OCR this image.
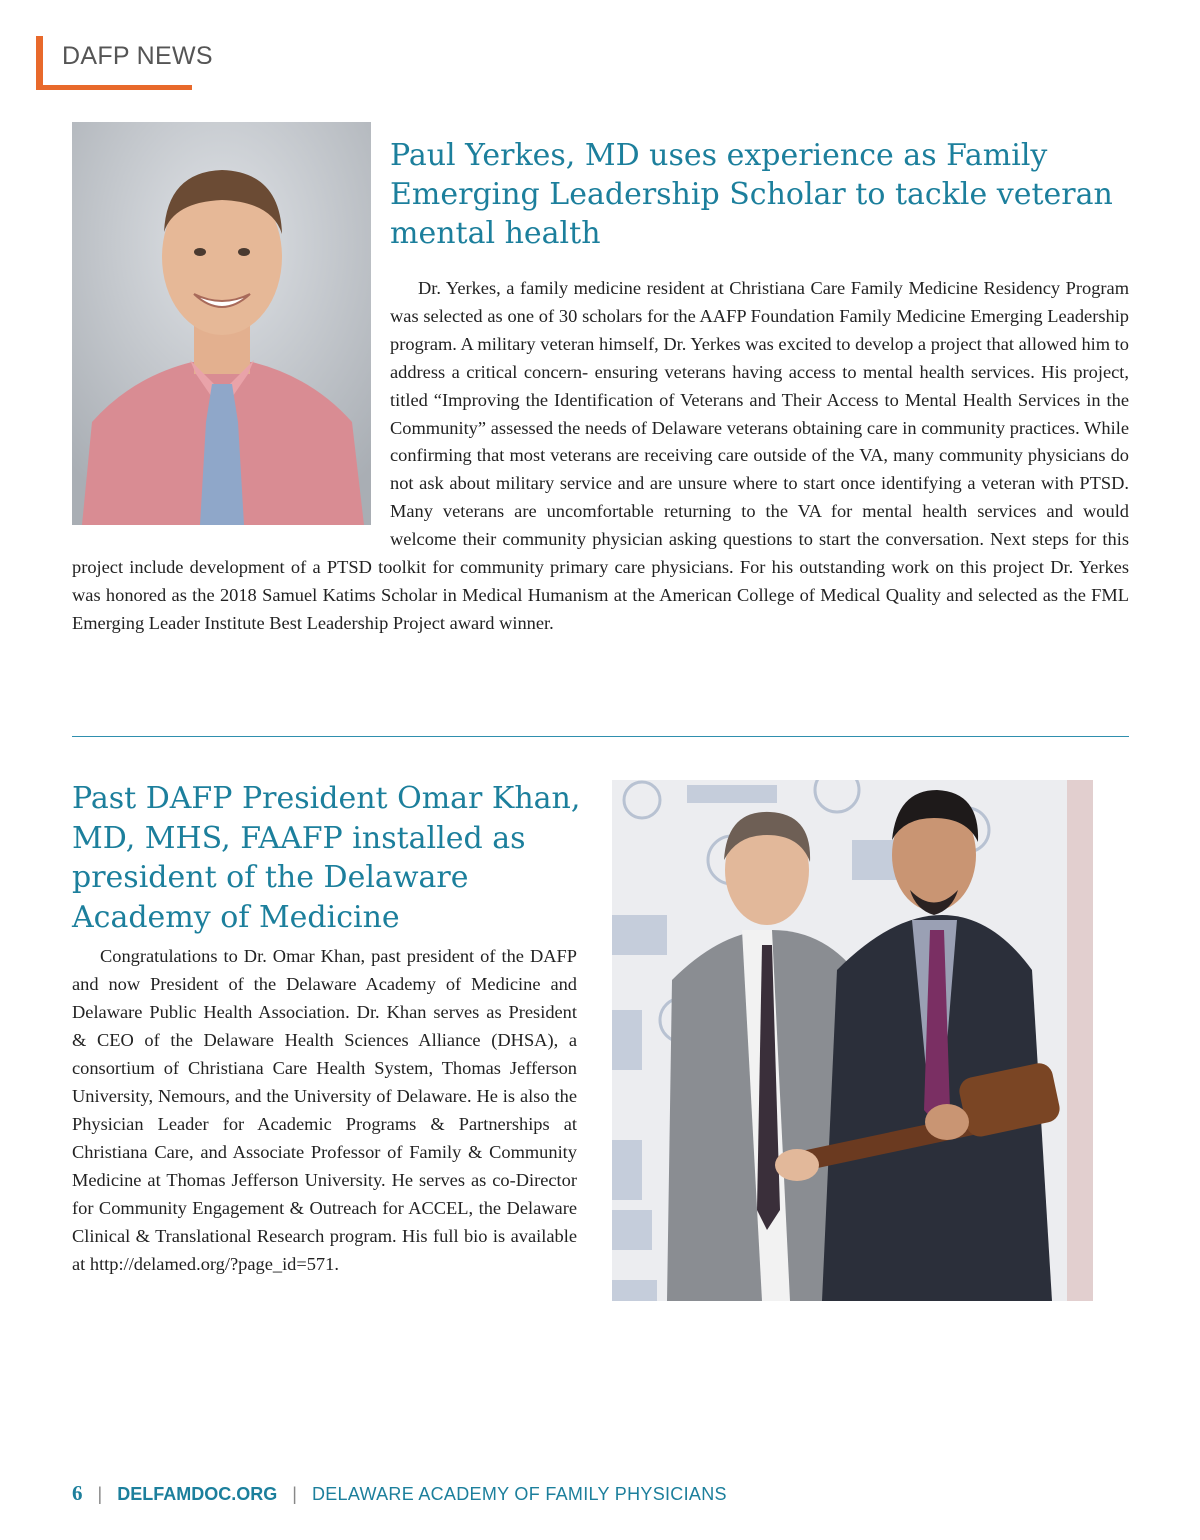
DAFP NEWS
Paul Yerkes, MD uses experience as Family Emerging Leadership Scholar to tackle veteran mental health
Dr. Yerkes, a family medicine resident at Christiana Care Family Medicine Residency Program was selected as one of 30 scholars for the AAFP Foundation Family Medicine Emerging Leadership program. A military veteran himself, Dr. Yerkes was excited to develop a project that allowed him to address a critical concern- ensuring veterans having access to mental health services. His project, titled “Improving the Identification of Veterans and Their Access to Mental Health Services in the Community” assessed the needs of Delaware veterans obtaining care in community practices. While confirming that most veterans are receiving care outside of the VA, many community physicians do not ask about military service and are unsure where to start once identifying a veteran with PTSD. Many veterans are uncomfortable returning to the VA for mental health services and would welcome their community physician asking questions to start the conversation. Next steps for this project include development of a PTSD toolkit for community primary care physicians. For his outstanding work on this project Dr. Yerkes was honored as the 2018 Samuel Katims Scholar in Medical Humanism at the American College of Medical Quality and selected as the FML Emerging Leader Institute Best Leadership Project award winner.
Past DAFP President Omar Khan, MD, MHS, FAAFP installed as president of the Delaware Academy of Medicine

Congratulations to Dr. Omar Khan, past president of the DAFP and now President of the Delaware Academy of Medicine and Delaware Public Health Association. Dr. Khan serves as President & CEO of the Delaware Health Sciences Alliance (DHSA), a consortium of Christiana Care Health System, Thomas Jefferson University, Nemours, and the University of Delaware. He is also the Physician Leader for Academic Programs & Partnerships at Christiana Care, and Associate Professor of Family & Community Medicine at Thomas Jefferson University. He serves as co-Director for Community Engagement & Outreach for ACCEL, the Delaware Clinical & Translational Research program. His full bio is available at http://delamed.org/?page_id=571.

6 | DELFAMDOC.ORG | DELAWARE ACADEMY OF FAMILY PHYSICIANS
